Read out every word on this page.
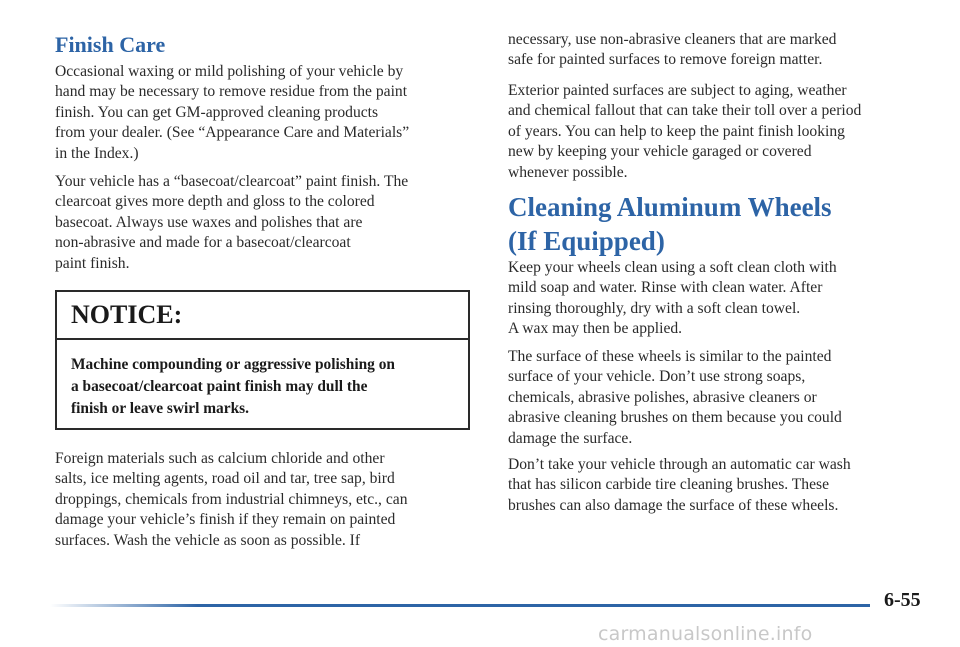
Finish Care

Occasional waxing or mild polishing of your vehicle by
hand may be necessary to remove residue from the paint
finish. You can get GM-approved cleaning products
from your dealer. (See “Appearance Care and Materials”
in the Index.)

Your vehicle has a “basecoat/clearcoat” paint finish. The
clearcoat gives more depth and gloss to the colored
basecoat. Always use waxes and polishes that are
non-abrasive and made for a basecoat/clearcoat
paint finish.

NOTICE:

Machine compounding or aggressive polishing on
a basecoat/clearcoat paint finish may dull the
finish or leave swirl marks.

Foreign materials such as calcium chloride and other
salts, ice melting agents, road oil and tar, tree sap, bird
droppings, chemicals from industrial chimneys, etc., can
damage your vehicle’s finish if they remain on painted
surfaces. Wash the vehicle as soon as possible. If

necessary, use non-abrasive cleaners that are marked
safe for painted surfaces to remove foreign matter.

Exterior painted surfaces are subject to aging, weather
and chemical fallout that can take their toll over a period
of years. You can help to keep the paint finish looking
new by keeping your vehicle garaged or covered
whenever possible.

Cleaning Aluminum Wheels
(If Equipped)

Keep your wheels clean using a soft clean cloth with
mild soap and water. Rinse with clean water. After
rinsing thoroughly, dry with a soft clean towel.
A wax may then be applied.

The surface of these wheels is similar to the painted
surface of your vehicle. Don’t use strong soaps,
chemicals, abrasive polishes, abrasive cleaners or
abrasive cleaning brushes on them because you could
damage the surface.

Don’t take your vehicle through an automatic car wash
that has silicon carbide tire cleaning brushes. These
brushes can also damage the surface of these wheels.

6-55
carmanualsonline.info
